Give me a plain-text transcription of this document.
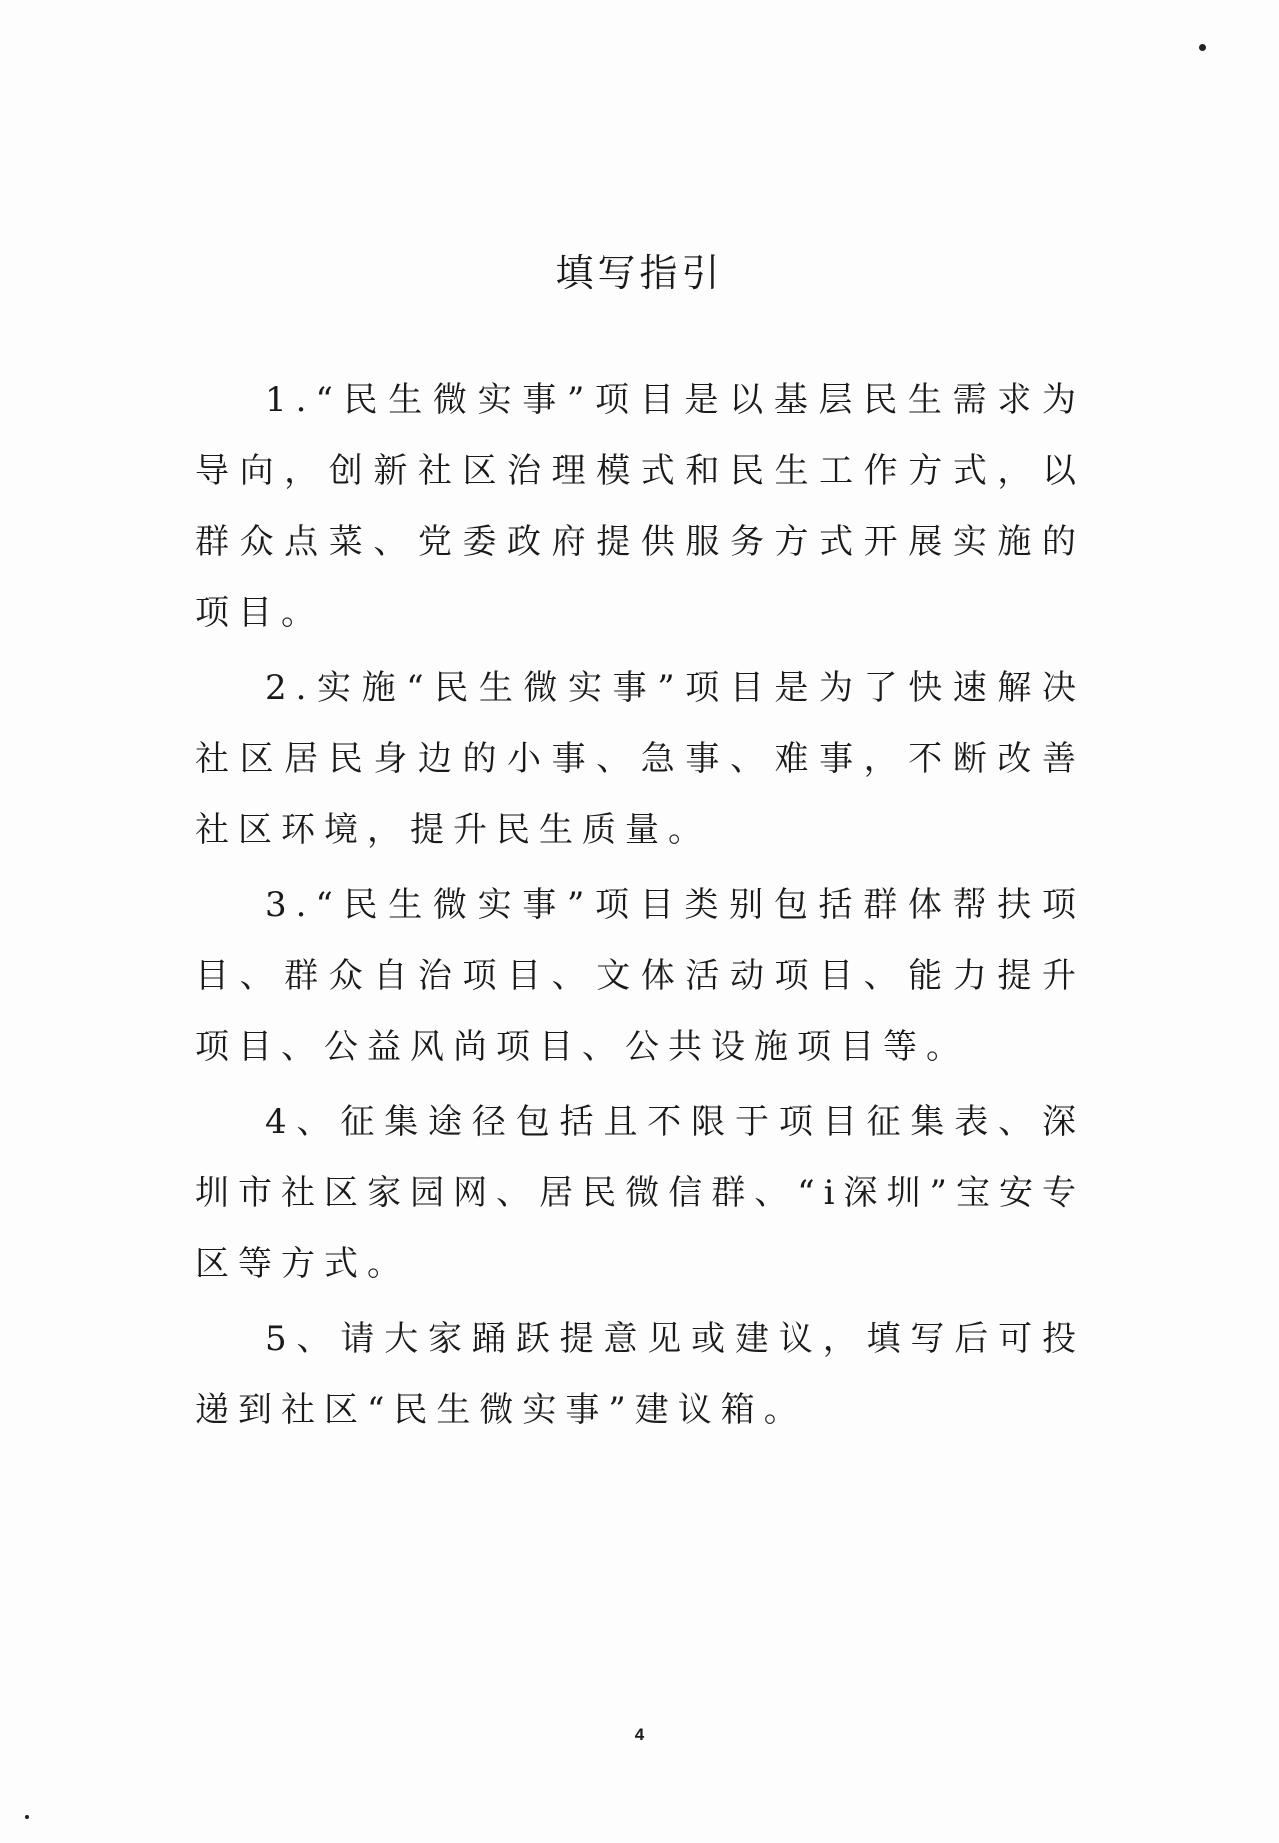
填写指引

1.“民生微实事”项目是以基层民生需求为导向，创新社区治理模式和民生工作方式，以群众点菜、党委政府提供服务方式开展实施的项目。

2.实施“民生微实事”项目是为了快速解决社区居民身边的小事、急事、难事，不断改善社区环境，提升民生质量。

3.“民生微实事”项目类别包括群体帮扶项目、群众自治项目、文体活动项目、能力提升项目、公益风尚项目、公共设施项目等。

4、征集途径包括且不限于项目征集表、深圳市社区家园网、居民微信群、“i深圳”宝安专区等方式。

5、请大家踊跃提意见或建议，填写后可投递到社区“民生微实事”建议箱。

4
